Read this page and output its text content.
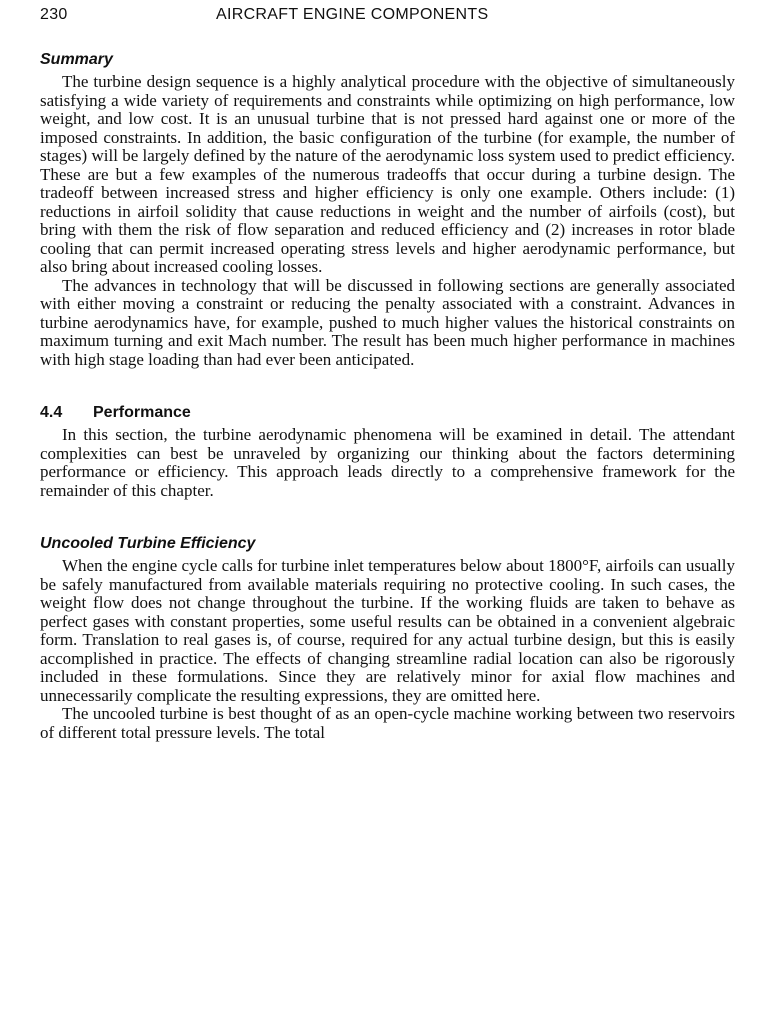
230	AIRCRAFT ENGINE COMPONENTS
Summary

The turbine design sequence is a highly analytical procedure with the objective of simultaneously satisfying a wide variety of requirements and constraints while optimizing on high performance, low weight, and low cost. It is an unusual turbine that is not pressed hard against one or more of the imposed constraints. In addition, the basic configuration of the turbine (for example, the number of stages) will be largely defined by the nature of the aerodynamic loss system used to predict efficiency. These are but a few examples of the numerous tradeoffs that occur during a turbine design. The tradeoff between increased stress and higher efficiency is only one example. Others include: (1) reductions in airfoil solidity that cause reductions in weight and the number of airfoils (cost), but bring with them the risk of flow separation and reduced efficiency and (2) increases in rotor blade cooling that can permit increased operating stress levels and higher aerodynamic performance, but also bring about increased cooling losses.

The advances in technology that will be discussed in following sections are generally associated with either moving a constraint or reducing the penalty associated with a constraint. Advances in turbine aerodynamics have, for example, pushed to much higher values the historical constraints on maximum turning and exit Mach number. The result has been much higher performance in machines with high stage loading than had ever been anticipated.

4.4 Performance

In this section, the turbine aerodynamic phenomena will be examined in detail. The attendant complexities can best be unraveled by organizing our thinking about the factors determining performance or efficiency. This approach leads directly to a comprehensive framework for the remainder of this chapter.

Uncooled Turbine Efficiency

When the engine cycle calls for turbine inlet temperatures below about 1800°F, airfoils can usually be safely manufactured from available materials requiring no protective cooling. In such cases, the weight flow does not change throughout the turbine. If the working fluids are taken to behave as perfect gases with constant properties, some useful results can be obtained in a convenient algebraic form. Translation to real gases is, of course, required for any actual turbine design, but this is easily accomplished in practice. The effects of changing streamline radial location can also be rigorously included in these formulations. Since they are relatively minor for axial flow machines and unnecessarily complicate the resulting expressions, they are omitted here.

The uncooled turbine is best thought of as an open-cycle machine working between two reservoirs of different total pressure levels. The total
